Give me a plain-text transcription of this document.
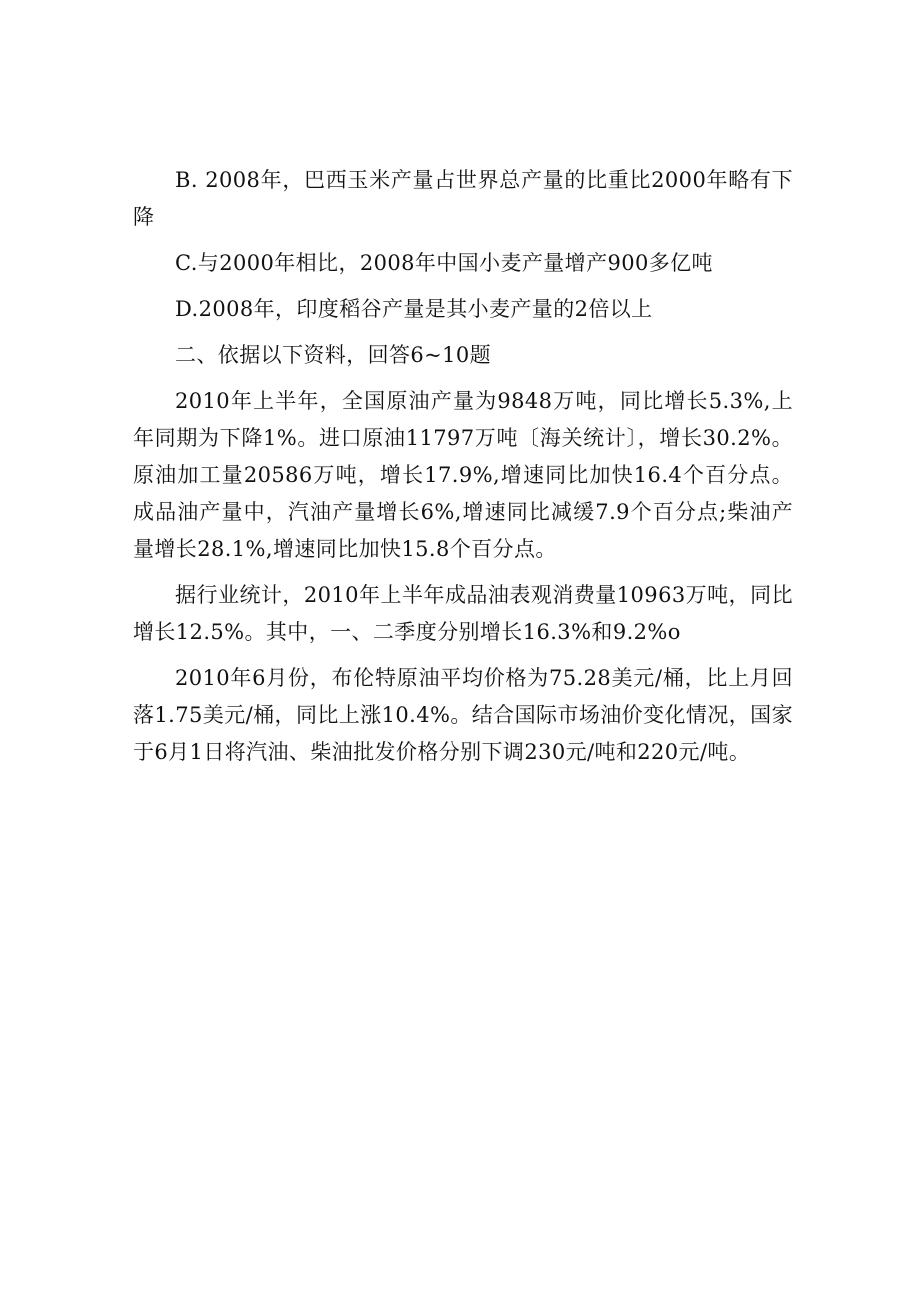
B. 2008年，巴西玉米产量占世界总产量的比重比2000年略有下降

C.与2000年相比，2008年中国小麦产量增产900多亿吨

D.2008年，印度稻谷产量是其小麦产量的2倍以上

二、依据以下资料，回答6~10题

2010年上半年，全国原油产量为9848万吨，同比增长5.3%,上年同期为下降1%。进口原油11797万吨〔海关统计〕，增长30.2%。原油加工量20586万吨，增长17.9%,增速同比加快16.4个百分点。成品油产量中，汽油产量增长6%,增速同比减缓7.9个百分点;柴油产量增长28.1%,增速同比加快15.8个百分点。

据行业统计，2010年上半年成品油表观消费量10963万吨，同比增长12.5%。其中，一、二季度分别增长16.3%和9.2%o

2010年6月份，布伦特原油平均价格为75.28美元/桶，比上月回落1.75美元/桶，同比上涨10.4%。结合国际市场油价变化情况，国家于6月1日将汽油、柴油批发价格分别下调230元/吨和220元/吨。
